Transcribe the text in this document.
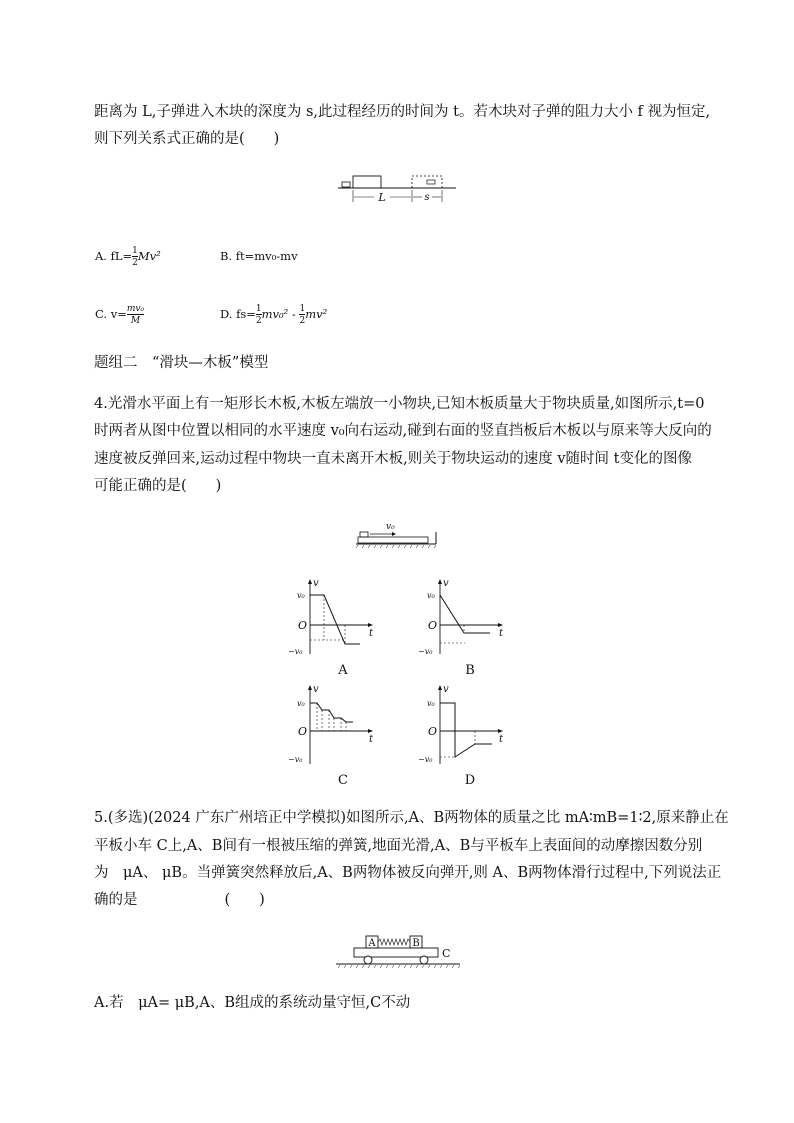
距离为 L,子弹进入木块的深度为 s,此过程经历的时间为 t。若木块对子弹的阻力大小 f 视为恒定,
则下列关系式正确的是(　　)
L	s
A. $fL= \frac{1}{2} Mv^2$	B. ft=mv₀-mv
C. $v= \frac{\text{mv₀}}{M}$	D. $fs= \frac{1}{2} mv_0^2 - \frac{1}{2} mv^2$
题组二　“滑块—木板”模型
4.光滑水平面上有一矩形长木板,木板左端放一小物块,已知木板质量大于物块质量,如图所示,t=0
时两者从图中位置以相同的水平速度 v₀向右运动,碰到右面的竖直挡板后木板以与原来等大反向的
速度被反弹回来,运动过程中物块一直未离开木板,则关于物块运动的速度 v随时间 t变化的图像
可能正确的是(　　)
v₀
v
t
O
v₀
−v₀
A
v
t
O
v₀
−v₀
B
v
t
O
v₀
−v₀
C
v
t
O
v₀
−v₀
D
5.(多选)(2024 广东广州培正中学模拟)如图所示,A、B两物体的质量之比 mA∶mB=1∶2,原来静止在
平板小车 C上,A、B间有一根被压缩的弹簧,地面光滑,A、B与平板车上表面间的动摩擦因数分别
为　μA、 μB。当弹簧突然释放后,A、B两物体被反向弹开,则 A、B两物体滑行过程中,下列说法正
确的是　　　　　　(　　)
A	B
C
A.若　μA= μB,A、B组成的系统动量守恒,C不动
